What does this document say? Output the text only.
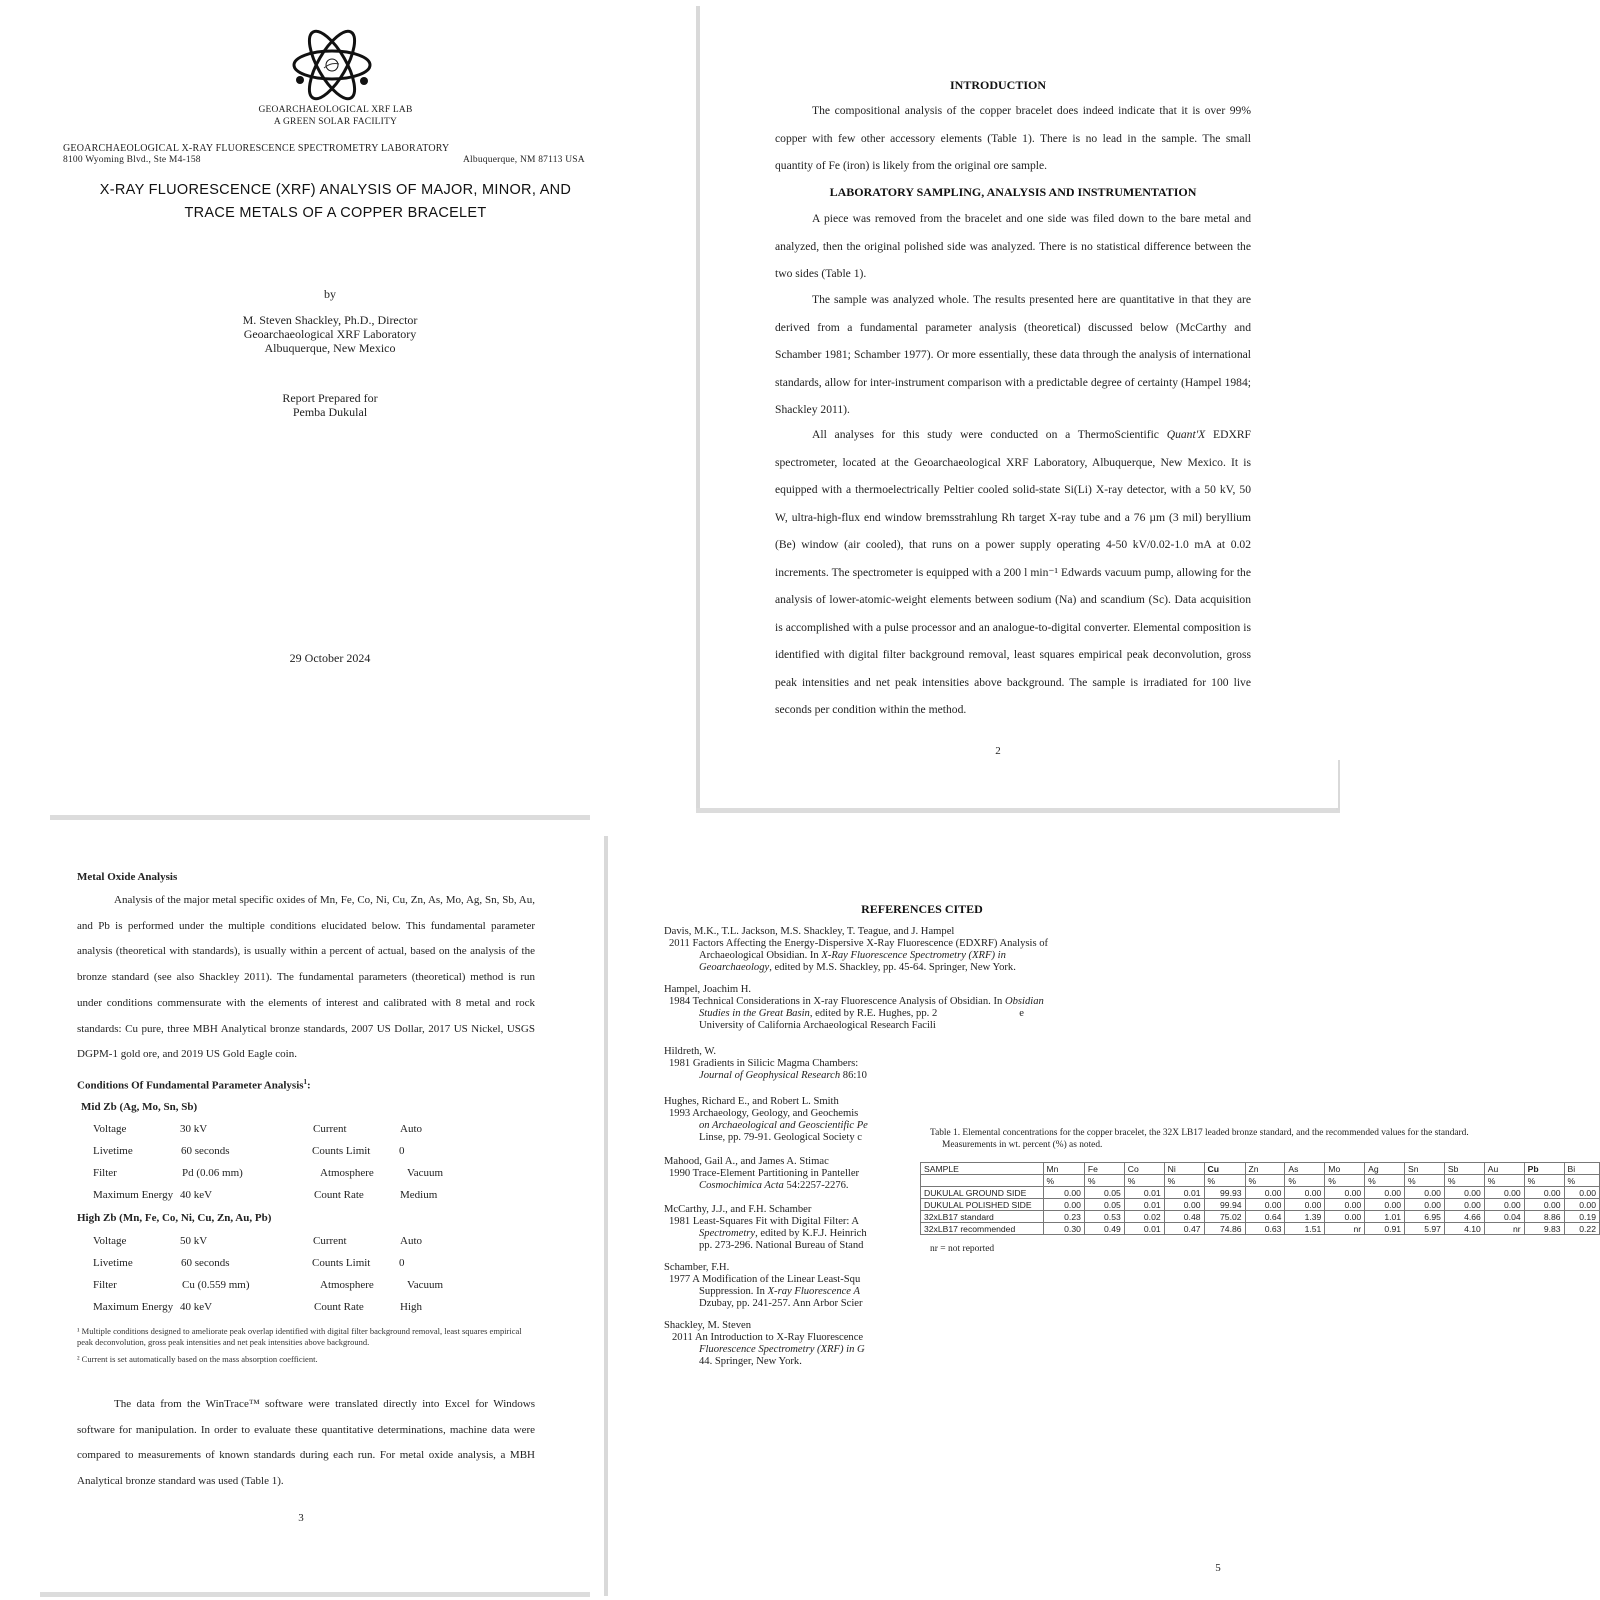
GEOARCHAEOLOGICAL XRF LAB
A GREEN SOLAR FACILITY
GEOARCHAEOLOGICAL X-RAY FLUORESCENCE SPECTROMETRY LABORATORY
8100 Wyoming Blvd., Ste M4-158	Albuquerque, NM 87113 USA
X-RAY FLUORESCENCE (XRF) ANALYSIS OF MAJOR, MINOR, AND
TRACE METALS OF A COPPER BRACELET
by
M. Steven Shackley, Ph.D., Director
Geoarchaeological XRF Laboratory
Albuquerque, New Mexico
Report Prepared for
Pemba Dukulal
29 October 2024
INTRODUCTION
The compositional analysis of the copper bracelet does indeed indicate that it is over 99% copper with few other accessory elements (Table 1). There is no lead in the sample. The small quantity of Fe (iron) is likely from the original ore sample.
LABORATORY SAMPLING, ANALYSIS AND INSTRUMENTATION
A piece was removed from the bracelet and one side was filed down to the bare metal and analyzed, then the original polished side was analyzed. There is no statistical difference between the two sides (Table 1).
The sample was analyzed whole. The results presented here are quantitative in that they are derived from a fundamental parameter analysis (theoretical) discussed below (McCarthy and Schamber 1981; Schamber 1977). Or more essentially, these data through the analysis of international standards, allow for inter-instrument comparison with a predictable degree of certainty (Hampel 1984; Shackley 2011).
All analyses for this study were conducted on a ThermoScientific Quant'X EDXRF spectrometer, located at the Geoarchaeological XRF Laboratory, Albuquerque, New Mexico. It is equipped with a thermoelectrically Peltier cooled solid-state Si(Li) X-ray detector, with a 50 kV, 50 W, ultra-high-flux end window bremsstrahlung Rh target X-ray tube and a 76 µm (3 mil) beryllium (Be) window (air cooled), that runs on a power supply operating 4-50 kV/0.02-1.0 mA at 0.02 increments. The spectrometer is equipped with a 200 l min⁻¹ Edwards vacuum pump, allowing for the analysis of lower-atomic-weight elements between sodium (Na) and scandium (Sc). Data acquisition is accomplished with a pulse processor and an analogue-to-digital converter. Elemental composition is identified with digital filter background removal, least squares empirical peak deconvolution, gross peak intensities and net peak intensities above background. The sample is irradiated for 100 live seconds per condition within the method.
2
Metal Oxide Analysis
Analysis of the major metal specific oxides of Mn, Fe, Co, Ni, Cu, Zn, As, Mo, Ag, Sn, Sb, Au, and Pb is performed under the multiple conditions elucidated below. This fundamental parameter analysis (theoretical with standards), is usually within a percent of actual, based on the analysis of the bronze standard (see also Shackley 2011). The fundamental parameters (theoretical) method is run under conditions commensurate with the elements of interest and calibrated with 8 metal and rock standards: Cu pure, three MBH Analytical bronze standards, 2007 US Dollar, 2017 US Nickel, USGS DGPM-1 gold ore, and 2019 US Gold Eagle coin.
Conditions Of Fundamental Parameter Analysis$^1$:
Mid Zb (Ag, Mo, Sn, Sb)
Voltage	30 kV	Current	Auto
Livetime	60 seconds	Counts Limit	0
Filter	Pd (0.06 mm)	Atmosphere	Vacuum
Maximum Energy 40 keV	Count Rate	Medium
High Zb (Mn, Fe, Co, Ni, Cu, Zn, Au, Pb)
Voltage	50 kV	Current	Auto
Livetime	60 seconds	Counts Limit	0
Filter	Cu (0.559 mm)	Atmosphere	Vacuum
Maximum Energy 40 keV	Count Rate	High
¹ Multiple conditions designed to ameliorate peak overlap identified with digital filter background removal, least squares empirical peak deconvolution, gross peak intensities and net peak intensities above background.
² Current is set automatically based on the mass absorption coefficient.
The data from the WinTrace™ software were translated directly into Excel for Windows software for manipulation. In order to evaluate these quantitative determinations, machine data were compared to measurements of known standards during each run. For metal oxide analysis, a MBH Analytical bronze standard was used (Table 1).
3
REFERENCES CITED
Davis, M.K., T.L. Jackson, M.S. Shackley, T. Teague, and J. Hampel
2011 Factors Affecting the Energy-Dispersive X-Ray Fluorescence (EDXRF) Analysis of
Archaeological Obsidian. In X-Ray Fluorescence Spectrometry (XRF) in
Geoarchaeology, edited by M.S. Shackley, pp. 45-64. Springer, New York.
Hampel, Joachim H.
1984 Technical Considerations in X-ray Fluorescence Analysis of Obsidian. In Obsidian
Studies in the Great Basin, edited by R.E. Hughes, pp. 2	e
University of California Archaeological Research Facili
Hildreth, W.
1981 Gradients in Silicic Magma Chambers:
Journal of Geophysical Research 86:10
Hughes, Richard E., and Robert L. Smith
1993 Archaeology, Geology, and Geochemis
on Archaeological and Geoscientific Pe
Linse, pp. 79-91. Geological Society c
Mahood, Gail A., and James A. Stimac
1990 Trace-Element Partitioning in Panteller
Cosmochimica Acta 54:2257-2276.
McCarthy, J.J., and F.H. Schamber
1981 Least-Squares Fit with Digital Filter: A
Spectrometry, edited by K.F.J. Heinrich
pp. 273-296. National Bureau of Stand
Schamber, F.H.
1977 A Modification of the Linear Least-Squ
Suppression. In X-ray Fluorescence A
Dzubay, pp. 241-257. Ann Arbor Scier
Shackley, M. Steven
2011 An Introduction to X-Ray Fluorescence
Fluorescence Spectrometry (XRF) in G
44. Springer, New York.
Table 1. Elemental concentrations for the copper bracelet, the 32X LB17 leaded bronze standard, and the recommended values for the standard.
Measurements in wt. percent (%) as noted.
SAMPLE	Mn	Fe	Co	Ni	Cu	Zn	As	Mo	Ag	Sn	Sb	Au	Pb	Bi
	%	%	%	%	%	%	%	%	%	%	%	%	%	%
DUKULAL GROUND SIDE	0.00	0.05	0.01	0.01	99.93	0.00	0.00	0.00	0.00	0.00	0.00	0.00	0.00	0.00
DUKULAL POLISHED SIDE	0.00	0.05	0.01	0.00	99.94	0.00	0.00	0.00	0.00	0.00	0.00	0.00	0.00	0.00
32xLB17 standard	0.23	0.53	0.02	0.48	75.02	0.64	1.39	0.00	1.01	6.95	4.66	0.04	8.86	0.19
32xLB17 recommended	0.30	0.49	0.01	0.47	74.86	0.63	1.51	nr	0.91	5.97	4.10	nr	9.83	0.22
nr = not reported
5
